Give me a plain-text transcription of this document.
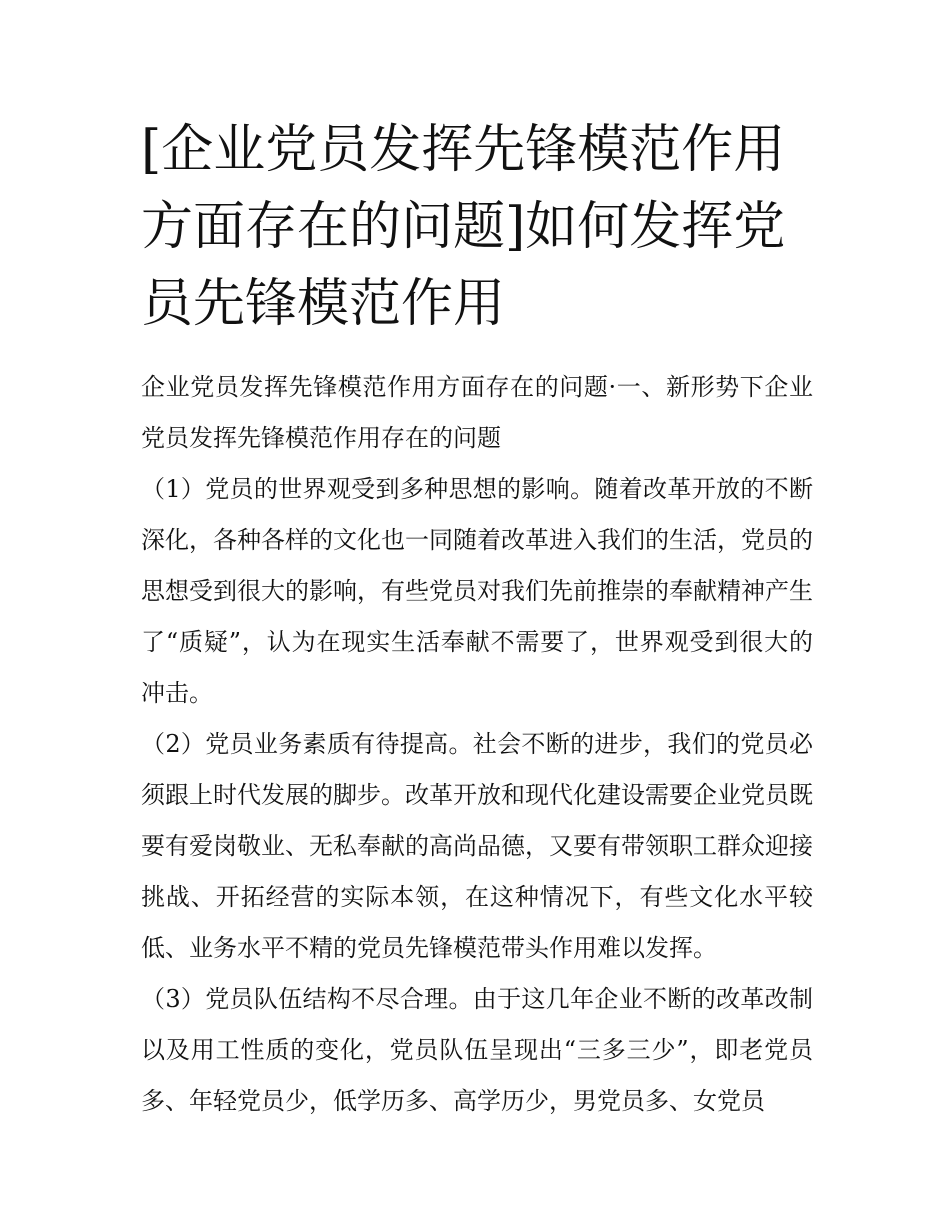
[企业党员发挥先锋模范作用方面存在的问题]如何发挥党员先锋模范作用

企业党员发挥先锋模范作用方面存在的问题·一、新形势下企业党员发挥先锋模范作用存在的问题

（1）党员的世界观受到多种思想的影响。随着改革开放的不断深化，各种各样的文化也一同随着改革进入我们的生活，党员的思想受到很大的影响，有些党员对我们先前推崇的奉献精神产生了“质疑”，认为在现实生活奉献不需要了，世界观受到很大的冲击。

（2）党员业务素质有待提高。社会不断的进步，我们的党员必须跟上时代发展的脚步。改革开放和现代化建设需要企业党员既要有爱岗敬业、无私奉献的高尚品德，又要有带领职工群众迎接挑战、开拓经营的实际本领，在这种情况下，有些文化水平较低、业务水平不精的党员先锋模范带头作用难以发挥。

（3）党员队伍结构不尽合理。由于这几年企业不断的改革改制以及用工性质的变化，党员队伍呈现出“三多三少”，即老党员多、年轻党员少，低学历多、高学历少，男党员多、女党员
